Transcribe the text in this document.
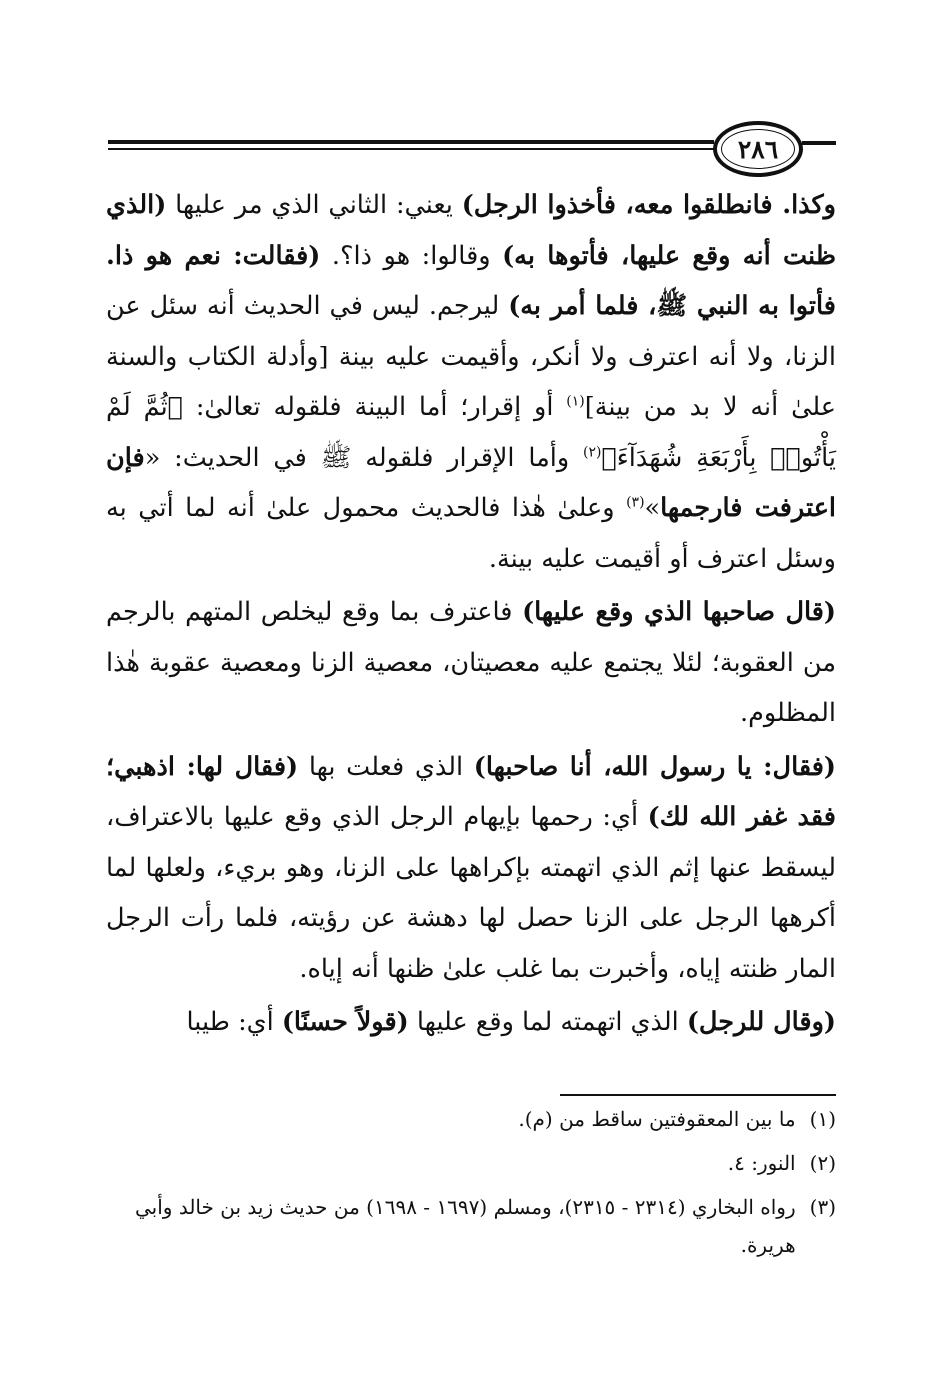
٢٨٦

وكذا. فانطلقوا معه، فأخذوا الرجل) يعني: الثاني الذي مر عليها (الذي ظنت أنه وقع عليها، فأتوها به) وقالوا: هو ذا؟. (فقالت: نعم هو ذا. فأتوا به النبي ﷺ، فلما أمر به) ليرجم. ليس في الحديث أنه سئل عن الزنا، ولا أنه اعترف ولا أنكر، وأقيمت عليه بينة [وأدلة الكتاب والسنة علىٰ أنه لا بد من بينة]$^{(١)}$ أو إقرار؛ أما البينة فلقوله تعالىٰ: ﴿ثُمَّ لَمْ يَأْتُوا۟ بِأَرْبَعَةِ شُهَدَآءَ﴾$^{(٢)}$ وأما الإقرار فلقوله ﷺ في الحديث: «فإن اعترفت فارجمها»$^{(٣)}$ وعلىٰ هٰذا فالحديث محمول علىٰ أنه لما أتي به وسئل اعترف أو أقيمت عليه بينة.

(قال صاحبها الذي وقع عليها) فاعترف بما وقع ليخلص المتهم بالرجم من العقوبة؛ لئلا يجتمع عليه معصيتان، معصية الزنا ومعصية عقوبة هٰذا المظلوم.

(فقال: يا رسول الله، أنا صاحبها) الذي فعلت بها (فقال لها: اذهبي؛ فقد غفر الله لك) أي: رحمها بإيهام الرجل الذي وقع عليها بالاعتراف، ليسقط عنها إثم الذي اتهمته بإكراهها على الزنا، وهو بريء، ولعلها لما أكرهها الرجل على الزنا حصل لها دهشة عن رؤيته، فلما رأت الرجل المار ظنته إياه، وأخبرت بما غلب علىٰ ظنها أنه إياه.

(وقال للرجل) الذي اتهمته لما وقع عليها (قولاً حسنًا) أي: طيبا

(١)
ما بين المعقوفتين ساقط من (م).
(٢)
النور: ٤.
(٣)
رواه البخاري (٢٣١٤ - ٢٣١٥)، ومسلم (١٦٩٧ - ١٦٩٨) من حديث زيد بن خالد وأبي هريرة.
